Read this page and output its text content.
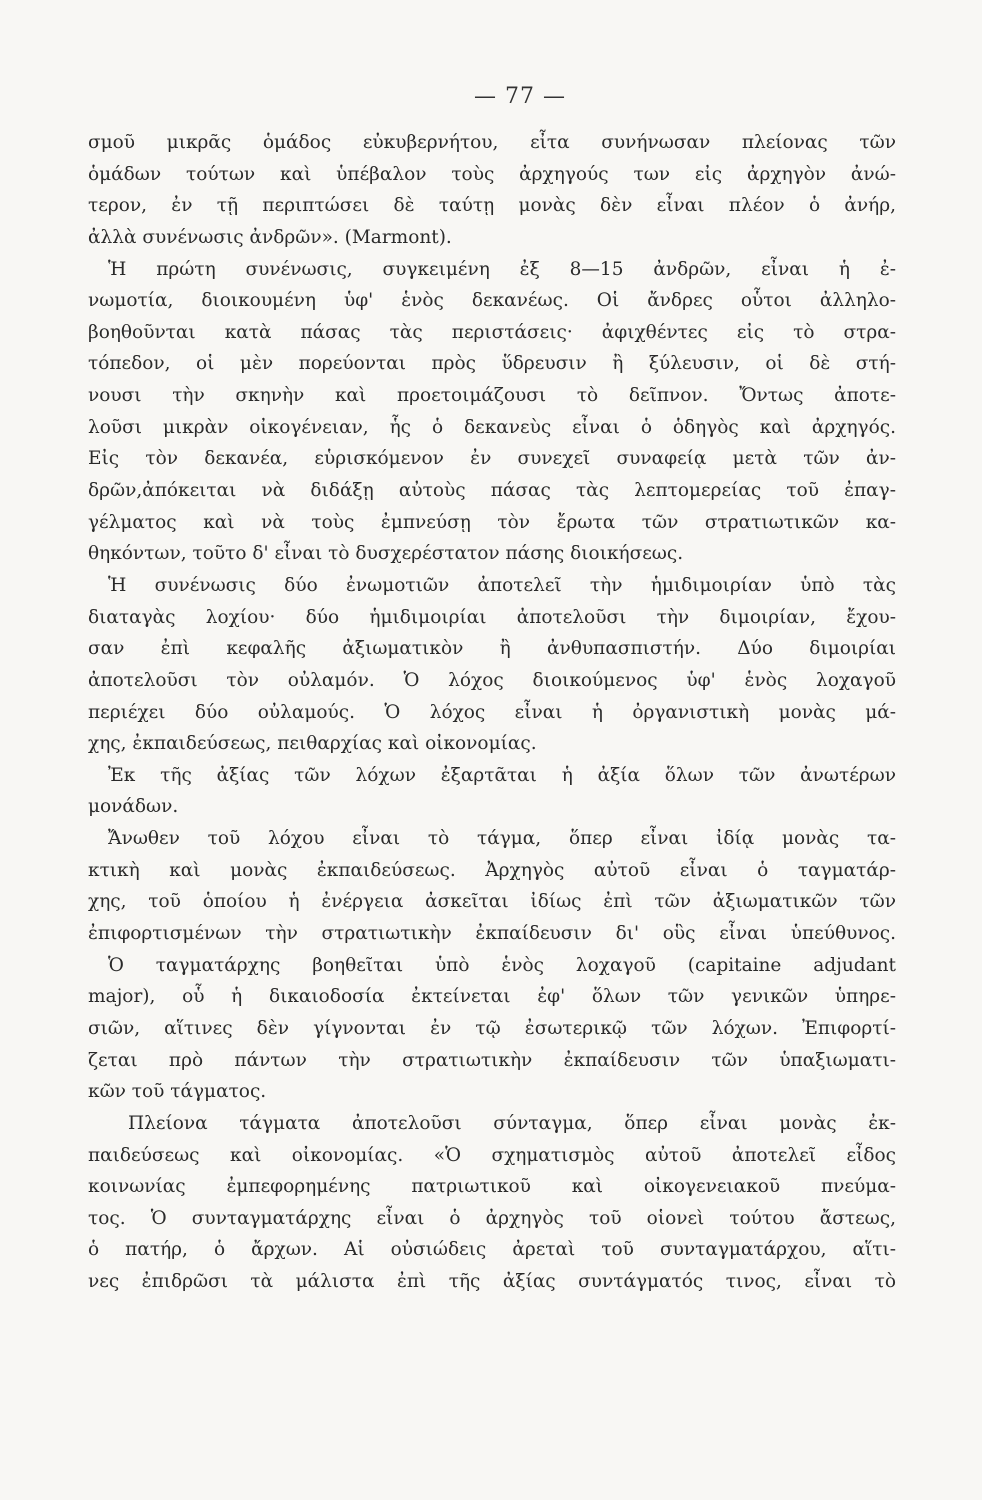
— 77 —
σμοῦ μικρᾶς ὁμάδος εὐκυβερνήτου, εἶτα συνήνωσαν πλείονας τῶν
ὁμάδων τούτων καὶ ὑπέβαλον τοὺς ἀρχηγούς των εἰς ἀρχηγὸν ἀνώ-
τερον, ἐν τῇ περιπτώσει δὲ ταύτῃ μονὰς δὲν εἶναι πλέον ὁ ἀνήρ,
ἀλλὰ συνένωσις ἀνδρῶν». (Marmont).
Ἡ πρώτη συνένωσις, συγκειμένη ἐξ 8—15 ἀνδρῶν, εἶναι ἡ ἐ-
νωμοτία, διοικουμένη ὑφ' ἑνὸς δεκανέως. Οἱ ἄνδρες οὗτοι ἀλληλο-
βοηθοῦνται κατὰ πάσας τὰς περιστάσεις· ἀφιχθέντες εἰς τὸ στρα-
τόπεδον, οἱ μὲν πορεύονται πρὸς ὕδρευσιν ἢ ξύλευσιν, οἱ δὲ στή-
νουσι τὴν σκηνὴν καὶ προετοιμάζουσι τὸ δεῖπνον. Ὄντως ἀποτε-
λοῦσι μικρὰν οἰκογένειαν, ἧς ὁ δεκανεὺς εἶναι ὁ ὁδηγὸς καὶ ἀρχηγός.
Εἰς τὸν δεκανέα, εὑρισκόμενον ἐν συνεχεῖ συναφείᾳ μετὰ τῶν ἀν-
δρῶν,ἀπόκειται νὰ διδάξῃ αὐτοὺς πάσας τὰς λεπτομερείας τοῦ ἐπαγ-
γέλματος καὶ νὰ τοὺς ἐμπνεύσῃ τὸν ἔρωτα τῶν στρατιωτικῶν κα-
θηκόντων, τοῦτο δ' εἶναι τὸ δυσχερέστατον πάσης διοικήσεως.
Ἡ συνένωσις δύο ἐνωμοτιῶν ἀποτελεῖ τὴν ἡμιδιμοιρίαν ὑπὸ τὰς
διαταγὰς λοχίου· δύο ἡμιδιμοιρίαι ἀποτελοῦσι τὴν διμοιρίαν, ἔχου-
σαν ἐπὶ κεφαλῆς ἀξιωματικὸν ἢ ἀνθυπασπιστήν. Δύο διμοιρίαι
ἀποτελοῦσι τὸν οὐλαμόν. Ὁ λόχος διοικούμενος ὑφ' ἑνὸς λοχαγοῦ
περιέχει δύο οὐλαμούς. Ὁ λόχος εἶναι ἡ ὀργανιστικὴ μονὰς μά-
χης, ἐκπαιδεύσεως, πειθαρχίας καὶ οἰκονομίας.
Ἐκ τῆς ἀξίας τῶν λόχων ἐξαρτᾶται ἡ ἀξία ὅλων τῶν ἀνωτέρων
μονάδων.
Ἄνωθεν τοῦ λόχου εἶναι τὸ τάγμα, ὅπερ εἶναι ἰδίᾳ μονὰς τα-
κτικὴ καὶ μονὰς ἐκπαιδεύσεως. Ἀρχηγὸς αὐτοῦ εἶναι ὁ ταγματάρ-
χης, τοῦ ὁποίου ἡ ἐνέργεια ἀσκεῖται ἰδίως ἐπὶ τῶν ἀξιωματικῶν τῶν
ἐπιφορτισμένων τὴν στρατιωτικὴν ἐκπαίδευσιν δι' οὓς εἶναι ὑπεύθυνος.
Ὁ ταγματάρχης βοηθεῖται ὑπὸ ἑνὸς λοχαγοῦ (capitaine adjudant
major), οὗ ἡ δικαιοδοσία ἐκτείνεται ἐφ' ὅλων τῶν γενικῶν ὑπηρε-
σιῶν, αἵτινες δὲν γίγνονται ἐν τῷ ἐσωτερικῷ τῶν λόχων. Ἐπιφορτί-
ζεται πρὸ πάντων τὴν στρατιωτικὴν ἐκπαίδευσιν τῶν ὑπαξιωματι-
κῶν τοῦ τάγματος.
Πλείονα τάγματα ἀποτελοῦσι σύνταγμα, ὅπερ εἶναι μονὰς ἐκ-
παιδεύσεως καὶ οἰκονομίας. «Ὁ σχηματισμὸς αὐτοῦ ἀποτελεῖ εἶδος
κοινωνίας ἐμπεφορημένης πατριωτικοῦ καὶ οἰκογενειακοῦ πνεύμα-
τος. Ὁ συνταγματάρχης εἶναι ὁ ἀρχηγὸς τοῦ οἱονεὶ τούτου ἄστεως,
ὁ πατήρ, ὁ ἄρχων. Αἱ οὐσιώδεις ἀρεταὶ τοῦ συνταγματάρχου, αἵτι-
νες ἐπιδρῶσι τὰ μάλιστα ἐπὶ τῆς ἀξίας συντάγματός τινος, εἶναι τὸ
